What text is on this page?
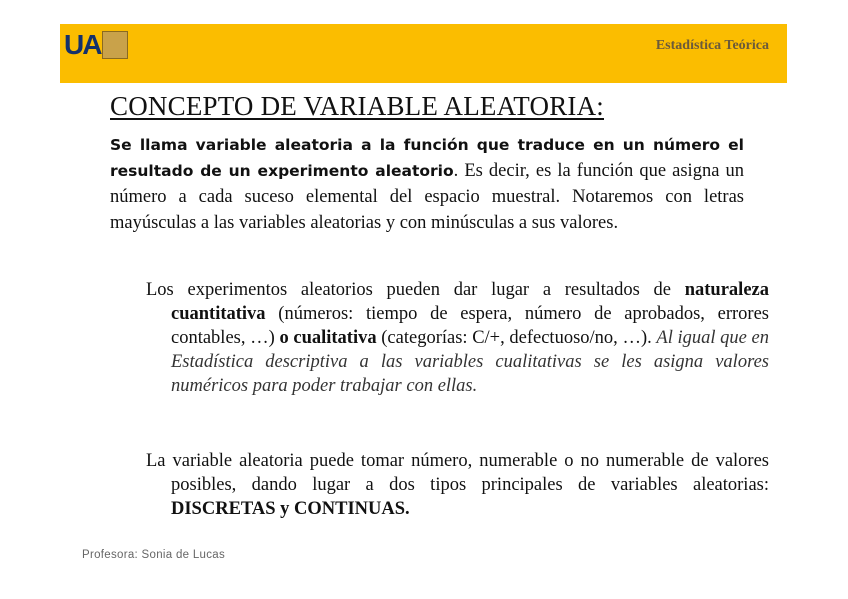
UA	Estadística Teórica
CONCEPTO DE VARIABLE ALEATORIA:

Se llama variable aleatoria a la función que traduce en un número el resultado de un experimento aleatorio. Es decir, es la función que asigna un número a cada suceso elemental del espacio muestral. Notaremos con letras mayúsculas a las variables aleatorias y con minúsculas a sus valores.

Los experimentos aleatorios pueden dar lugar a resultados de naturaleza cuantitativa (números: tiempo de espera, número de aprobados, errores contables, …) o cualitativa (categorías: C/+, defectuoso/no, …). Al igual que en Estadística descriptiva a las variables cualitativas se les asigna valores numéricos para poder trabajar con ellas.

La variable aleatoria puede tomar número, numerable o no numerable de valores posibles, dando lugar a dos tipos principales de variables aleatorias: DISCRETAS y CONTINUAS.

Profesora: Sonia de Lucas
